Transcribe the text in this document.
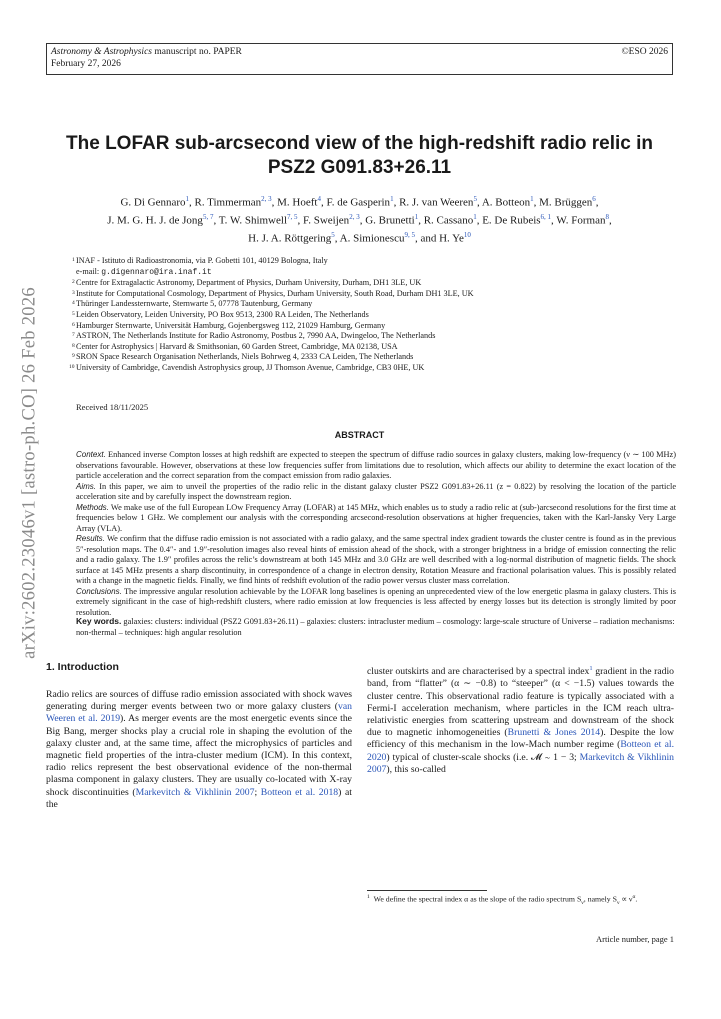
Astronomy & Astrophysics manuscript no. PAPER
February 27, 2026
©ESO 2026
arXiv:2602.23046v1 [astro-ph.CO] 26 Feb 2026
The LOFAR sub-arcsecond view of the high-redshift radio relic in
PSZ2 G091.83+26.11
G. Di Gennaro$^1$, R. Timmerman$^{2, 3}$, M. Hoeft$^4$, F. de Gasperin$^1$, R. J. van Weeren$^5$, A. Botteon$^1$, M. Brüggen$^6$,
J. M. G. H. J. de Jong$^{5, 7}$, T. W. Shimwell$^{7, 5}$, F. Sweijen$^{2, 3}$, G. Brunetti$^1$, R. Cassano$^1$, E. De Rubeis$^{6, 1}$, W. Forman$^8$,
H. J. A. Röttgering$^5$, A. Simionescu$^{9, 5}$, and H. Ye$^{10}$
1 INAF - Istituto di Radioastronomia, via P. Gobetti 101, 40129 Bologna, Italy
e-mail: g.digennaro@ira.inaf.it
2 Centre for Extragalactic Astronomy, Department of Physics, Durham University, Durham, DH1 3LE, UK
3 Institute for Computational Cosmology, Department of Physics, Durham University, South Road, Durham DH1 3LE, UK
4 Thüringer Landessternwarte, Sternwarte 5, 07778 Tautenburg, Germany
5 Leiden Observatory, Leiden University, PO Box 9513, 2300 RA Leiden, The Netherlands
6 Hamburger Sternwarte, Universität Hamburg, Gojenbergsweg 112, 21029 Hamburg, Germany
7 ASTRON, The Netherlands Institute for Radio Astronomy, Postbus 2, 7990 AA, Dwingeloo, The Netherlands
8 Center for Astrophysics | Harvard & Smithsonian, 60 Garden Street, Cambridge, MA 02138, USA
9 SRON Space Research Organisation Netherlands, Niels Bohrweg 4, 2333 CA Leiden, The Netherlands
10 University of Cambridge, Cavendish Astrophysics group, JJ Thomson Avenue, Cambridge, CB3 0HE, UK
Received 18/11/2025
ABSTRACT

Context. Enhanced inverse Compton losses at high redshift are expected to steepen the spectrum of diffuse radio sources in galaxy clusters, making low-frequency (ν ∼ 100 MHz) observations favourable. However, observations at these low frequencies suffer from limitations due to resolution, which affects our ability to determine the exact location of the particle acceleration and the correct separation from the compact emission from radio galaxies.

Aims. In this paper, we aim to unveil the properties of the radio relic in the distant galaxy cluster PSZ2 G091.83+26.11 (z = 0.822) by resolving the location of the particle acceleration site and by carefully inspect the downstream region.

Methods. We make use of the full European LOw Frequency Array (LOFAR) at 145 MHz, which enables us to study a radio relic at (sub-)arcsecond resolutions for the first time at frequencies below 1 GHz. We complement our analysis with the corresponding arcsecond-resolution observations at higher frequencies, taken with the Karl-Jansky Very Large Array (VLA).

Results. We confirm that the diffuse radio emission is not associated with a radio galaxy, and the same spectral index gradient towards the cluster centre is found as in the previous 5″-resolution maps. The 0.4″- and 1.9″-resolution images also reveal hints of emission ahead of the shock, with a stronger brightness in a bridge of emission connecting the relic and a radio galaxy. The 1.9″ profiles across the relic’s downstream at both 145 MHz and 3.0 GHz are well described with a log-normal distribution of magnetic fields. The shock surface at 145 MHz presents a sharp discontinuity, in correspondence of a change in electron density, Rotation Measure and fractional polarisation values. This is possibly related with a change in the magnetic fields. Finally, we find hints of redshift evolution of the radio power versus cluster mass correlation.

Conclusions. The impressive angular resolution achievable by the LOFAR long baselines is opening an unprecedented view of the low energetic plasma in galaxy clusters. This is extremely significant in the case of high-redshift clusters, where radio emission at low frequencies is less affected by energy losses but its detection is strongly limited by poor resolution.

Key words. galaxies: clusters: individual (PSZ2 G091.83+26.11) – galaxies: clusters: intracluster medium – cosmology: large-scale structure of Universe – radiation mechanisms: non-thermal – techniques: high angular resolution
1. Introduction

Radio relics are sources of diffuse radio emission associated with shock waves generating during merger events between two or more galaxy clusters (van Weeren et al. 2019). As merger events are the most energetic events since the Big Bang, merger shocks play a crucial role in shaping the evolution of the galaxy cluster and, at the same time, affect the microphysics of particles and magnetic field properties of the intra-cluster medium (ICM). In this context, radio relics represent the best observational evidence of the non-thermal plasma component in galaxy clusters. They are usually co-located with X-ray shock discontinuities (Markevitch & Vikhlinin 2007; Botteon et al. 2018) at the

cluster outskirts and are characterised by a spectral index$^1$ gradient in the radio band, from “flatter” (α ∼ −0.8) to “steeper” (α < −1.5) values towards the cluster centre. This observational radio feature is typically associated with a Fermi-I acceleration mechanism, where particles in the ICM reach ultra-relativistic energies from scattering upstream and downstream of the shock due to magnetic inhomogeneities (Brunetti & Jones 2014). Despite the low efficiency of this mechanism in the low-Mach number regime (Botteon et al. 2020) typical of cluster-scale shocks (i.e. 𝓜 ∼ 1 − 3; Markevitch & Vikhlinin 2007), this so-called

$^1$ We define the spectral index α as the slope of the radio spectrum $S_\nu$, namely $S_\nu \propto \nu^\alpha$.
Article number, page 1
